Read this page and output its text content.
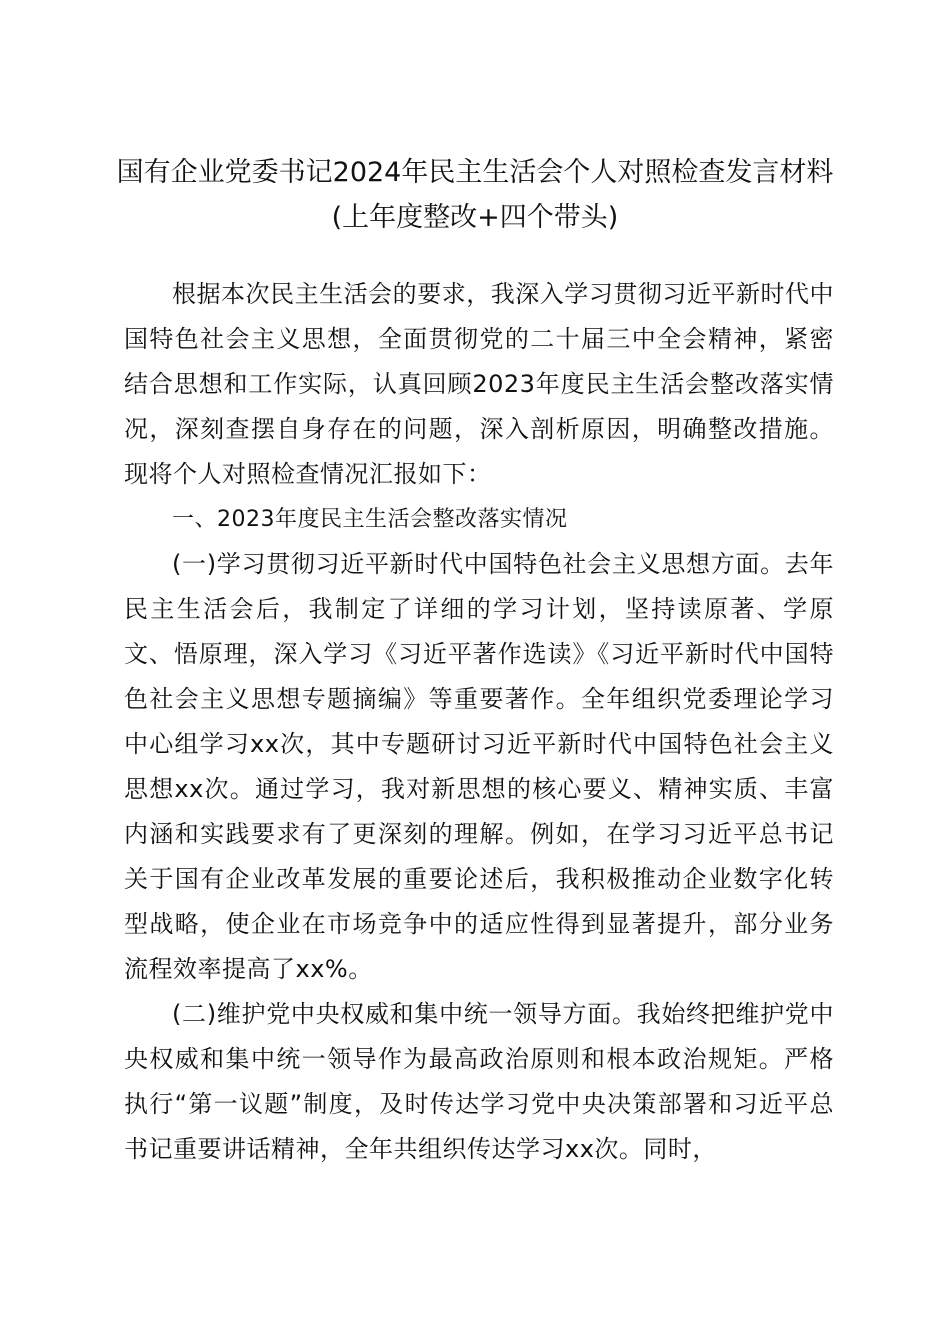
国有企业党委书记2024年民主生活会个人对照检查发言材料(上年度整改+四个带头)

根据本次民主生活会的要求，我深入学习贯彻习近平新时代中国特色社会主义思想，全面贯彻党的二十届三中全会精神，紧密结合思想和工作实际，认真回顾2023年度民主生活会整改落实情况，深刻查摆自身存在的问题，深入剖析原因，明确整改措施。现将个人对照检查情况汇报如下：

一、2023年度民主生活会整改落实情况

(一)学习贯彻习近平新时代中国特色社会主义思想方面。去年民主生活会后，我制定了详细的学习计划，坚持读原著、学原文、悟原理，深入学习《习近平著作选读》《习近平新时代中国特色社会主义思想专题摘编》等重要著作。全年组织党委理论学习中心组学习xx次，其中专题研讨习近平新时代中国特色社会主义思想xx次。通过学习，我对新思想的核心要义、精神实质、丰富内涵和实践要求有了更深刻的理解。例如，在学习习近平总书记关于国有企业改革发展的重要论述后，我积极推动企业数字化转型战略，使企业在市场竞争中的适应性得到显著提升，部分业务流程效率提高了xx%。

(二)维护党中央权威和集中统一领导方面。我始终把维护党中央权威和集中统一领导作为最高政治原则和根本政治规矩。严格执行“第一议题”制度，及时传达学习党中央决策部署和习近平总书记重要讲话精神，全年共组织传达学习xx次。同时，
